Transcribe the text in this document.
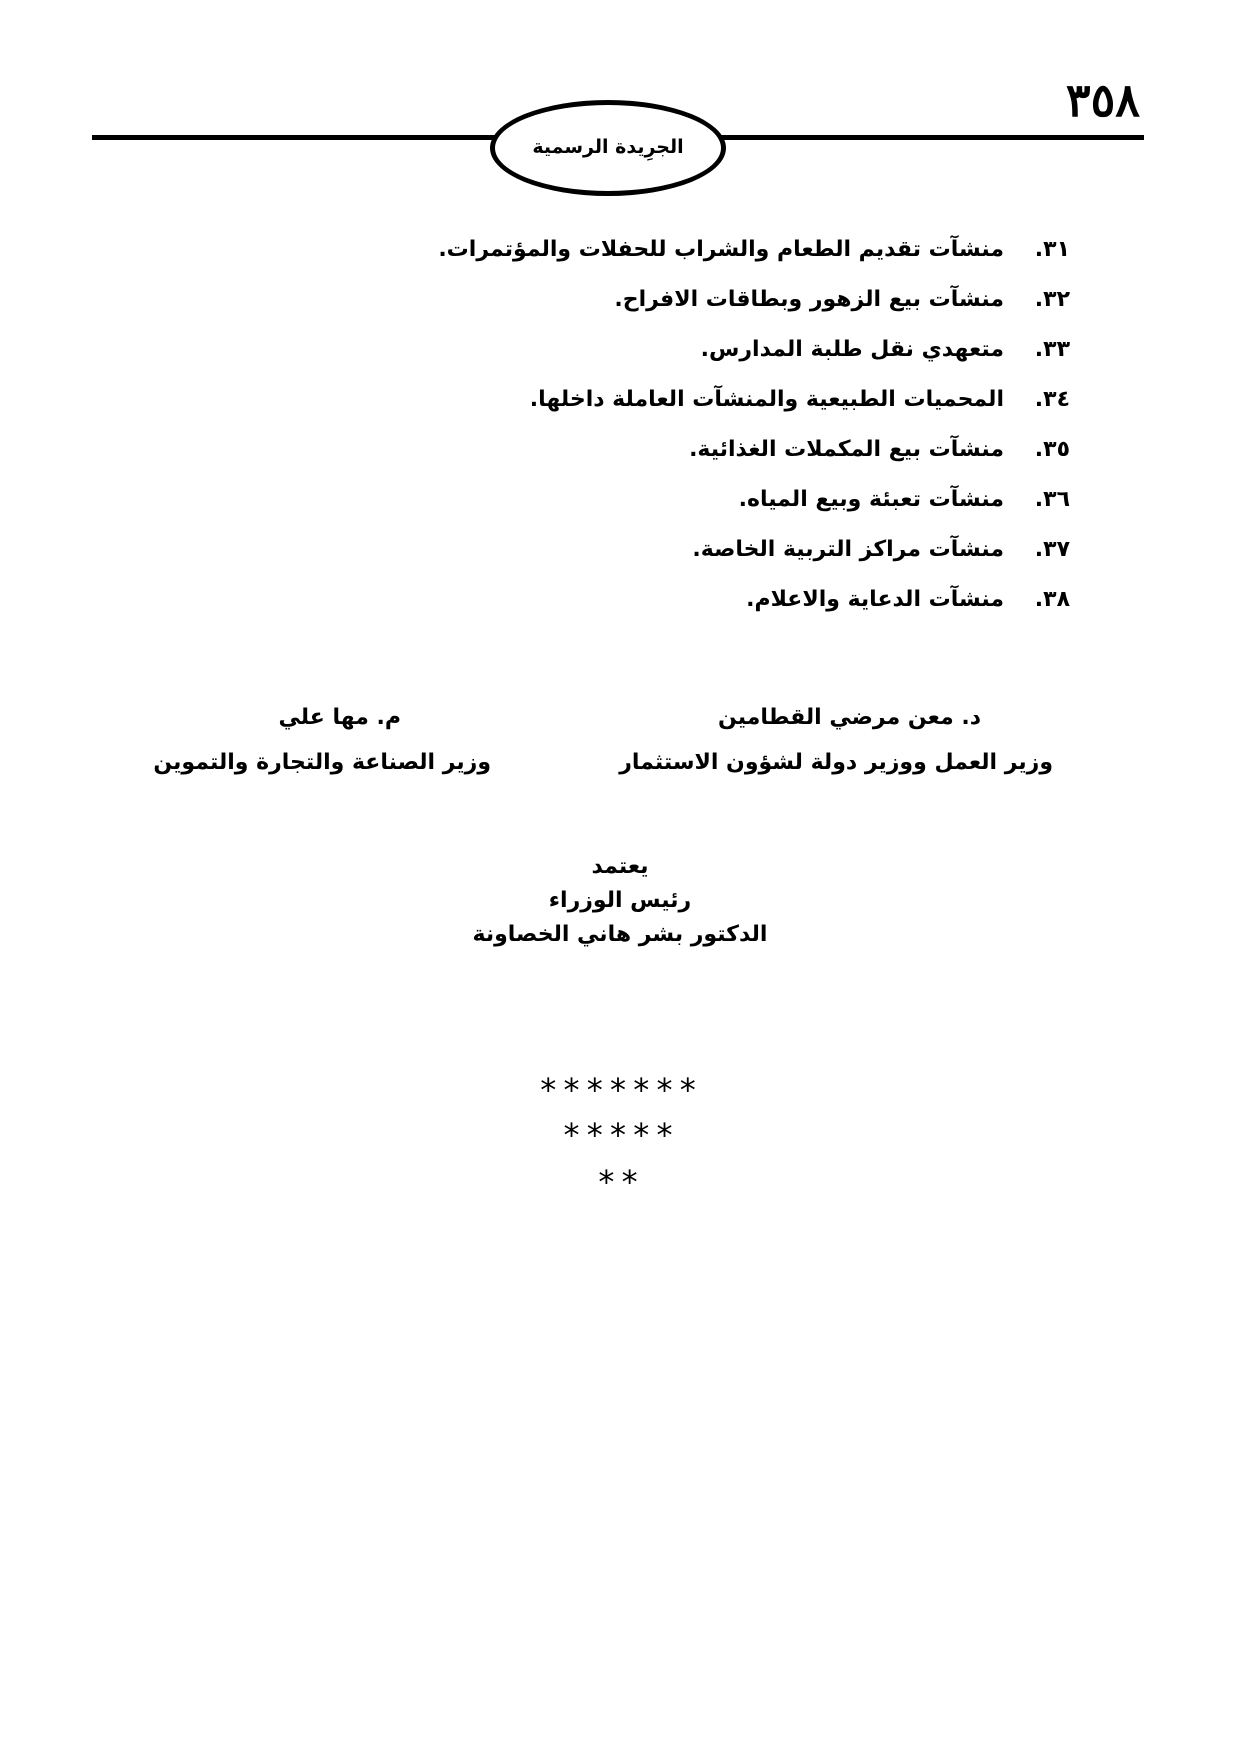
٣٥٨
الجرِيدة الرسمية
٣١.
منشآت تقديم الطعام والشراب للحفلات والمؤتمرات.
٣٢.
منشآت بيع الزهور وبطاقات الافراح.
٣٣.
متعهدي نقل طلبة المدارس.
٣٤.
المحميات الطبيعية والمنشآت العاملة داخلها.
٣٥.
منشآت بيع المكملات الغذائية.
٣٦.
منشآت تعبئة وبيع المياه.
٣٧.
منشآت مراكز التربية الخاصة.
٣٨.
منشآت الدعاية والاعلام.
د. معن مرضي القطامين
وزير العمل ووزير دولة لشؤون الاستثمار
م. مها علي
وزير الصناعة والتجارة والتموين
يعتمد
رئيس الوزراء
الدكتور بشر هاني الخصاونة
*******
*****
**
